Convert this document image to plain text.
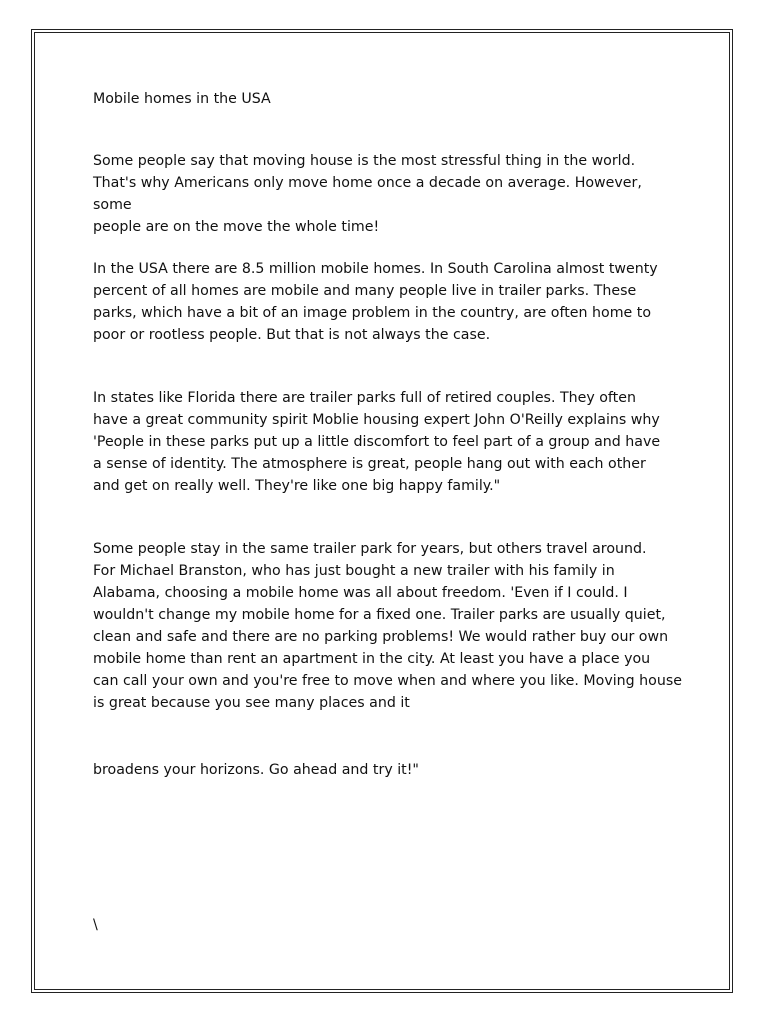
Mobile homes in the USA
Some people say that moving house is the most stressful thing in the world.
That's why Americans only move home once a decade on average. However, some
people are on the move the whole time!
In the USA there are 8.5 million mobile homes. In South Carolina almost twenty
percent of all homes are mobile and many people live in trailer parks. These
parks, which have a bit of an image problem in the country, are often home to
poor or rootless people. But that is not always the case.
In states like Florida there are trailer parks full of retired couples. They often
have a great community spirit Moblie housing expert John O'Reilly explains why
'People in these parks put up a little discomfort to feel part of a group and have
a sense of identity. The atmosphere is great, people hang out with each other
and get on really well. They're like one big happy family."
Some people stay in the same trailer park for years, but others travel around.
For Michael Branston, who has just bought a new trailer with his family in
Alabama, choosing a mobile home was all about freedom. 'Even if I could. I
wouldn't change my mobile home for a fixed one. Trailer parks are usually quiet,
clean and safe and there are no parking problems! We would rather buy our own
mobile home than rent an apartment in the city. At least you have a place you
can call your own and you're free to move when and where you like. Moving house
is great because you see many places and it
broadens your horizons. Go ahead and try it!"
\
